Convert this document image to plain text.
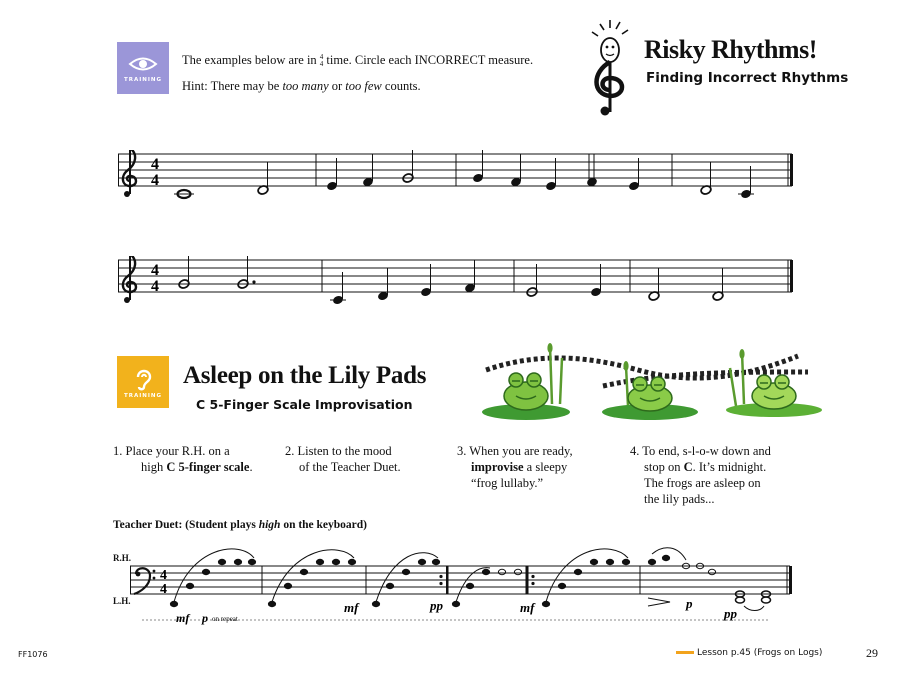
TRAINING
The examples below are in 4
4 time. Circle each INCORRECT measure.
Hint: There may be too many or too few counts.
Risky Rhythms!
Finding Incorrect Rhythms
4
4
4
4
TRAINING
Asleep on the Lily Pads
C 5-Finger Scale Improvisation
1. Place your R.H. on a
high C 5-finger scale.
2. Listen to the mood
of the Teacher Duet.
3. When you are ready,
improvise a sleepy
“frog lullaby.”
4. To end, s-l-o-w down and
stop on C. It’s midnight.
The frogs are asleep on
the lily pads...
Teacher Duet: (Student plays high on the keyboard)
R.H.
L.H.
4
4
mf p on repeat
mf	pp	mf	p
pp
FF1076	Lesson p.45 (Frogs on Logs)	29
